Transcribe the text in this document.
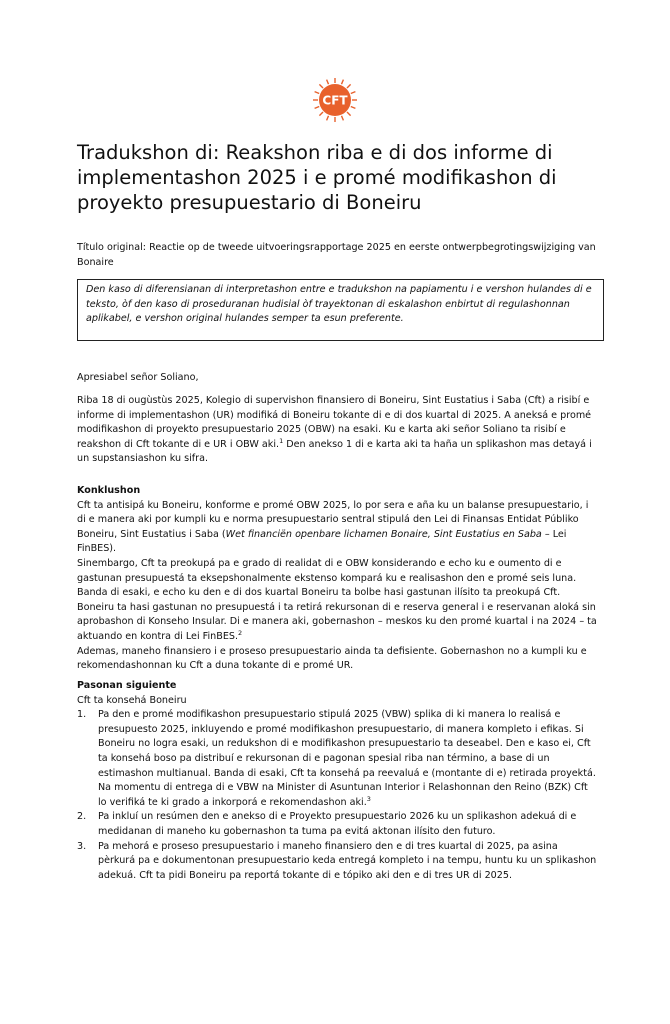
CFT
Tradukshon di: Reakshon riba e di dos informe di implementashon 2025 i e promé modifikashon di proyekto presupuestario di Boneiru
Título original: Reactie op de tweede uitvoeringsrapportage 2025 en eerste ontwerpbegrotingswijziging van Bonaire
Den kaso di diferensianan di interpretashon entre e tradukshon na papiamentu i e vershon hulandes di e teksto, òf den kaso di proseduranan hudisial òf trayektonan di eskalashon enbirtut di regulashonnan aplikabel, e vershon original hulandes semper ta esun preferente.
Apresiabel señor Soliano,
Riba 18 di ougùstùs 2025, Kolegio di supervishon finansiero di Boneiru, Sint Eustatius i Saba (Cft) a risibí e informe di implementashon (UR) modifiká di Boneiru tokante di e di dos kuartal di 2025. A aneksá e promé modifikashon di proyekto presupuestario 2025 (OBW) na esaki. Ku e karta aki señor Soliano ta risibí e reakshon di Cft tokante di e UR i OBW aki.$^1$ Den anekso 1 di e karta aki ta haña un splikashon mas detayá i un supstansiashon ku sifra.
Konklushon

Cft ta antisipá ku Boneiru, konforme e promé OBW 2025, lo por sera e aña ku un balanse presupuestario, i di e manera aki por kumpli ku e norma presupuestario sentral stipulá den Lei di Finansas Entidat Públiko Boneiru, Sint Eustatius i Saba (Wet financiën openbare lichamen Bonaire, Sint Eustatius en Saba – Lei FinBES).

Sinembargo, Cft ta preokupá pa e grado di realidat di e OBW konsiderando e echo ku e oumento di e gastunan presupuestá ta eksepshonalmente ekstenso kompará ku e realisashon den e promé seis luna. Banda di esaki, e echo ku den e di dos kuartal Boneiru ta bolbe hasi gastunan ilísito ta preokupá Cft. Boneiru ta hasi gastunan no presupuestá i ta retirá rekursonan di e reserva general i e reservanan aloká sin aprobashon di Konseho Insular. Di e manera aki, gobernashon – meskos ku den promé kuartal i na 2024 – ta aktuando en kontra di Lei FinBES.$^2$

Ademas, maneho finansiero i e proseso presupuestario ainda ta defisiente. Gobernashon no a kumpli ku e rekomendashonnan ku Cft a duna tokante di e promé UR.

Pasonan siguiente
Cft ta konsehá Boneiru
1. Pa den e promé modifikashon presupuestario stipulá 2025 (VBW) splika di ki manera lo realisá e presupuesto 2025, inkluyendo e promé modifikashon presupuestario, di manera kompleto i efikas. Si Boneiru no logra esaki, un redukshon di e modifikashon presupuestario ta deseabel. Den e kaso ei, Cft ta konsehá boso pa distribuí e rekursonan di e pagonan spesial riba nan término, a base di un estimashon multianual. Banda di esaki, Cft ta konsehá pa reevaluá e (montante di e) retirada proyektá. Na momentu di entrega di e VBW na Minister di Asuntunan Interior i Relashonnan den Reino (BZK) Cft lo verifiká te ki grado a inkorporá e rekomendashon aki.$^3$
2. Pa inkluí un resúmen den e anekso di e Proyekto presupuestario 2026 ku un splikashon adekuá di e medidanan di maneho ku gobernashon ta tuma pa evitá aktonan ilísito den futuro.
3. Pa mehorá e proseso presupuestario i maneho finansiero den e di tres kuartal di 2025, pa asina pèrkurá pa e dokumentonan presupuestario keda entregá kompleto i na tempu, huntu ku un splikashon adekuá. Cft ta pidi Boneiru pa reportá tokante di e tópiko aki den e di tres UR di 2025.
